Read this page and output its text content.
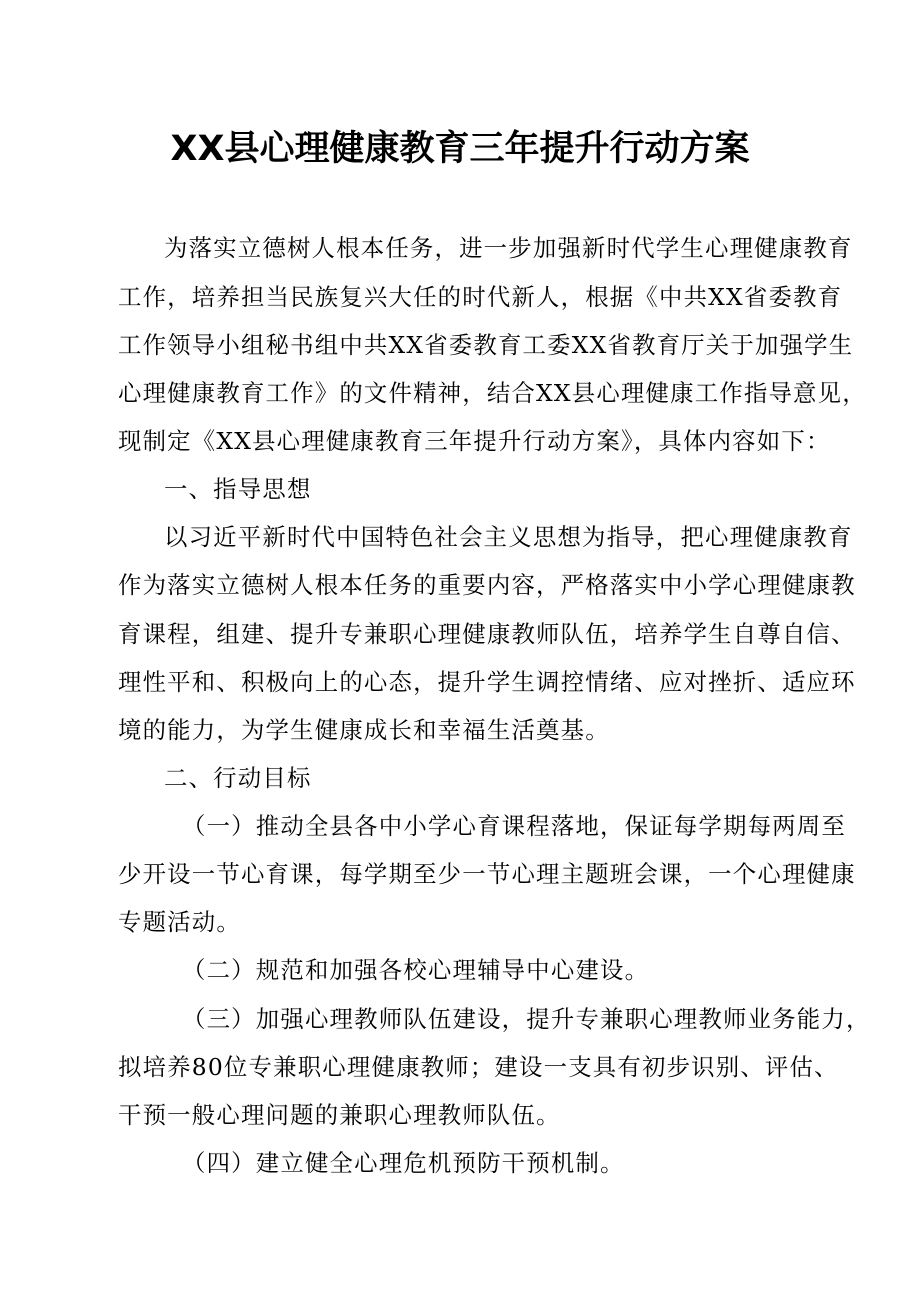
XX县心理健康教育三年提升行动方案
为落实立德树人根本任务，进一步加强新时代学生心理健康教育
工作，培养担当民族复兴大任的时代新人，根据《中共XX省委教育
工作领导小组秘书组中共XX省委教育工委XX省教育厅关于加强学生
心理健康教育工作》的文件精神，结合XX县心理健康工作指导意见，
现制定《XX县心理健康教育三年提升行动方案》，具体内容如下：
一、指导思想
以习近平新时代中国特色社会主义思想为指导，把心理健康教育
作为落实立德树人根本任务的重要内容，严格落实中小学心理健康教
育课程，组建、提升专兼职心理健康教师队伍，培养学生自尊自信、
理性平和、积极向上的心态，提升学生调控情绪、应对挫折、适应环
境的能力，为学生健康成长和幸福生活奠基。
二、行动目标
（一）推动全县各中小学心育课程落地，保证每学期每两周至
少开设一节心育课，每学期至少一节心理主题班会课，一个心理健康
专题活动。
（二）规范和加强各校心理辅导中心建设。
（三）加强心理教师队伍建设，提升专兼职心理教师业务能力，
拟培养80位专兼职心理健康教师；建设一支具有初步识别、评估、
干预一般心理问题的兼职心理教师队伍。
（四）建立健全心理危机预防干预机制。
